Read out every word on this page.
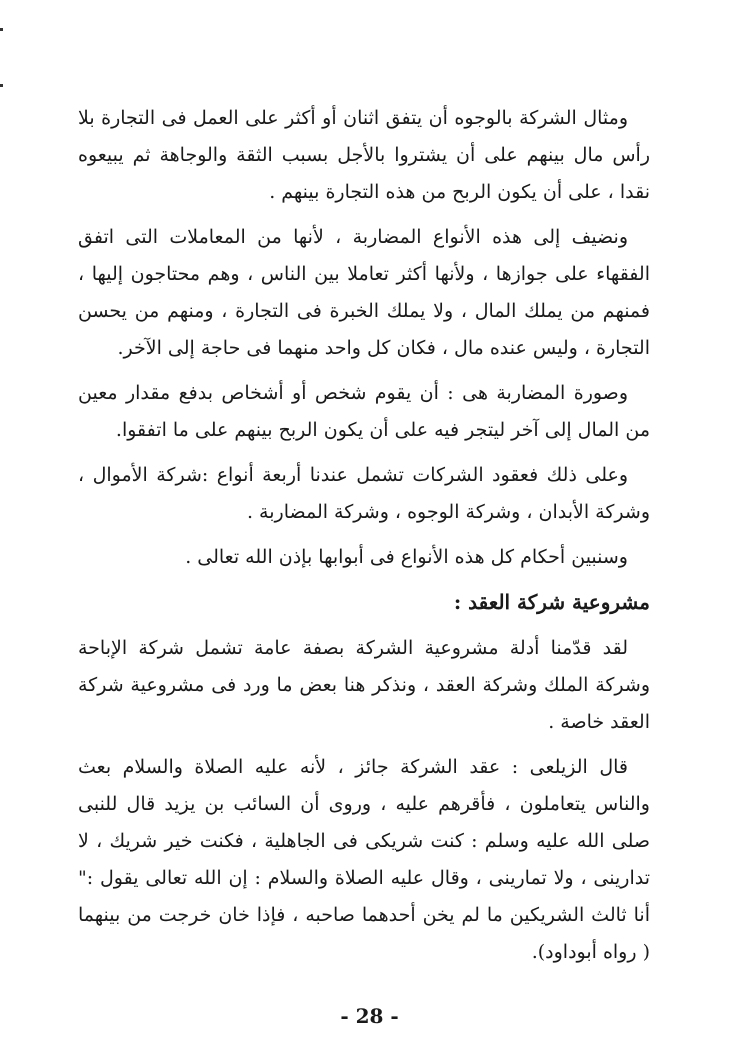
ومثال الشركة بالوجوه أن يتفق اثنان أو أكثر على العمل فى التجارة بلا رأس مال بينهم على أن يشتروا بالأجل بسبب الثقة والوجاهة ثم يبيعوه نقدا ، على أن يكون الربح من هذه التجارة بينهم .

ونضيف إلى هذه الأنواع المضاربة ، لأنها من المعاملات التى اتفق الفقهاء على جوازها ، ولأنها أكثر تعاملا بين الناس ، وهم محتاجون إليها ، فمنهم من يملك المال ، ولا يملك الخبرة فى التجارة ، ومنهم من يحسن التجارة ، وليس عنده مال ، فكان كل واحد منهما فى حاجة إلى الآخر.

وصورة المضاربة هى : أن يقوم شخص أو أشخاص بدفع مقدار معين من المال إلى آخر ليتجر فيه على أن يكون الربح بينهم على ما اتفقوا.

وعلى ذلك فعقود الشركات تشمل عندنا أربعة أنواع :شركة الأموال ، وشركة الأبدان ، وشركة الوجوه ، وشركة المضاربة .

وسنبين أحكام كل هذه الأنواع فى أبوابها بإذن الله تعالى .

مشروعية شركة العقد :

لقد قدّمنا أدلة مشروعية الشركة بصفة عامة تشمل شركة الإباحة وشركة الملك وشركة العقد ، ونذكر هنا بعض ما ورد فى مشروعية شركة العقد خاصة .

قال الزيلعى : عقد الشركة جائز ، لأنه عليه الصلاة والسلام بعث والناس يتعاملون ، فأقرهم عليه ، وروى أن السائب بن يزيد قال للنبى صلى الله عليه وسلم : كنت شريكى فى الجاهلية ، فكنت خير شريك ، لا تدارينى ، ولا تمارينى ، وقال عليه الصلاة والسلام : إن الله تعالى يقول :" أنا ثالث الشريكين ما لم يخن أحدهما صاحبه ، فإذا خان خرجت من بينهما ( رواه أبوداود).

- 28 -
